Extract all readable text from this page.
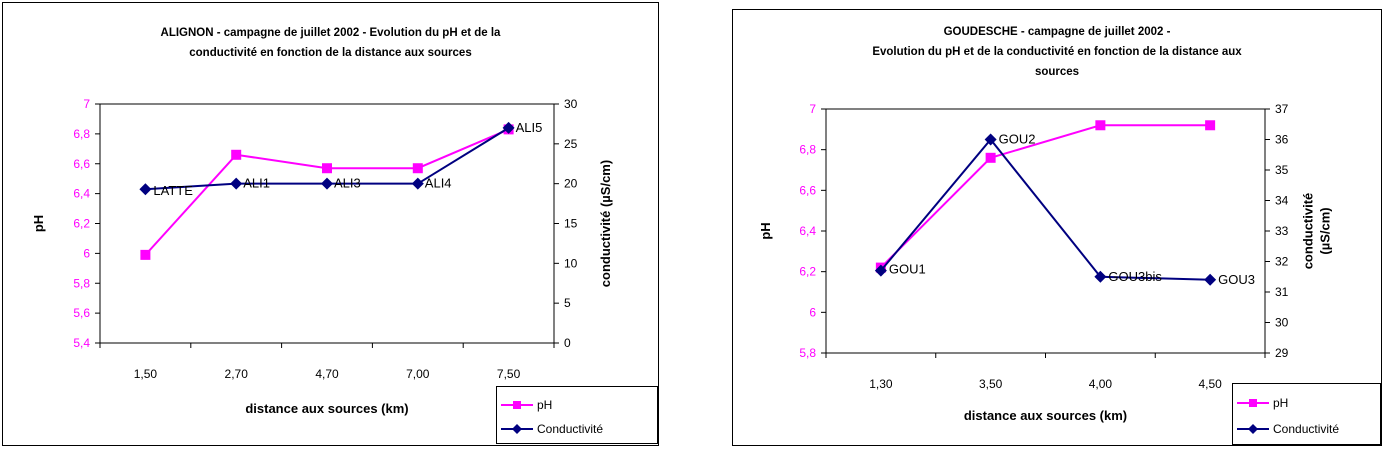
ALIGNON - campagne de juillet 2002 - Evolution du pH et de la
conductivité en fonction de la distance aux sources
5,4
5,6
5,8
6
6,2
6,4
6,6
6,8
7
0
5
10
15
20
25
30
1,50	2,70	4,70	7,00	7,50
distance aux sources (km)
pH	conductivité (µS/cm)
LATTE
ALI1	ALI3	ALI4
ALI5
pH
Conductivité
GOUDESCHE - campagne de juillet 2002 -
Evolution du pH et de la conductivité en fonction de la distance aux
sources
5,8
6
6,2
6,4
6,6
6,8
7
29
30
31
32
33
34
35
36
37
1,30	3,50	4,00	4,50
distance aux sources (km)
pH	conductivité (µS/cm)
GOU1
GOU2
GOU3bis	GOU3
pH
Conductivité
